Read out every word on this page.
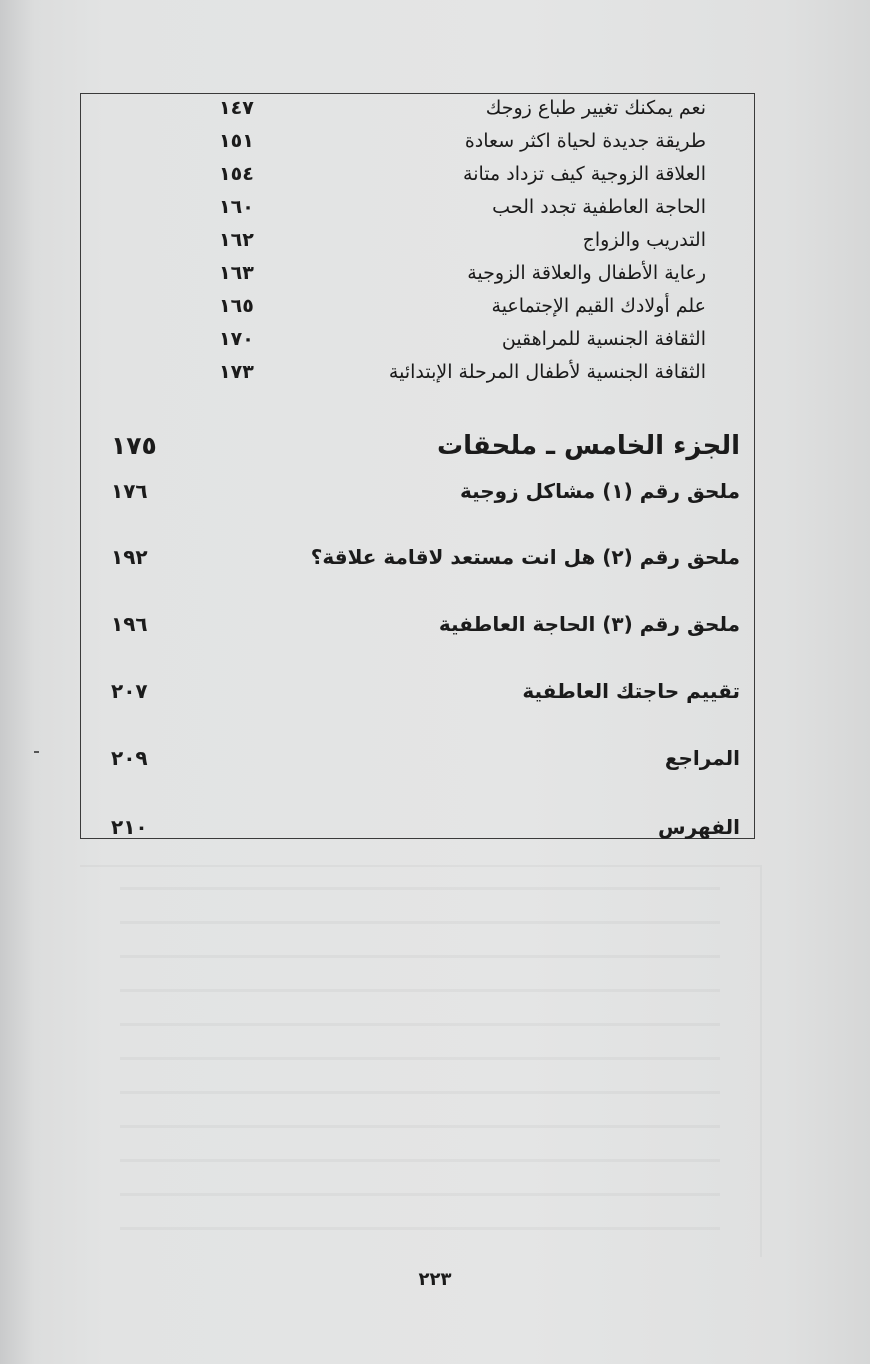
نعم يمكنك تغيير طباع زوجك
١٤٧
طريقة جديدة لحياة اكثر سعادة
١٥١
العلاقة الزوجية كيف تزداد متانة
١٥٤
الحاجة العاطفية تجدد الحب
١٦٠
التدريب والزواج
١٦٢
رعاية الأطفال والعلاقة الزوجية
١٦٣
علم أولادك القيم الإجتماعية
١٦٥
الثقافة الجنسية للمراهقين
١٧٠
الثقافة الجنسية لأطفال المرحلة الإبتدائية
١٧٣
الجزء الخامس ـ ملحقات
١٧٥
ملحق رقم (١) مشاكل زوجية
١٧٦
ملحق رقم (٢) هل انت مستعد لاقامة علاقة؟
١٩٢
ملحق رقم (٣) الحاجة العاطفية
١٩٦
تقييم حاجتك العاطفية
٢٠٧
المراجع
٢٠٩
الفهرس
٢١٠
٢٢٣
